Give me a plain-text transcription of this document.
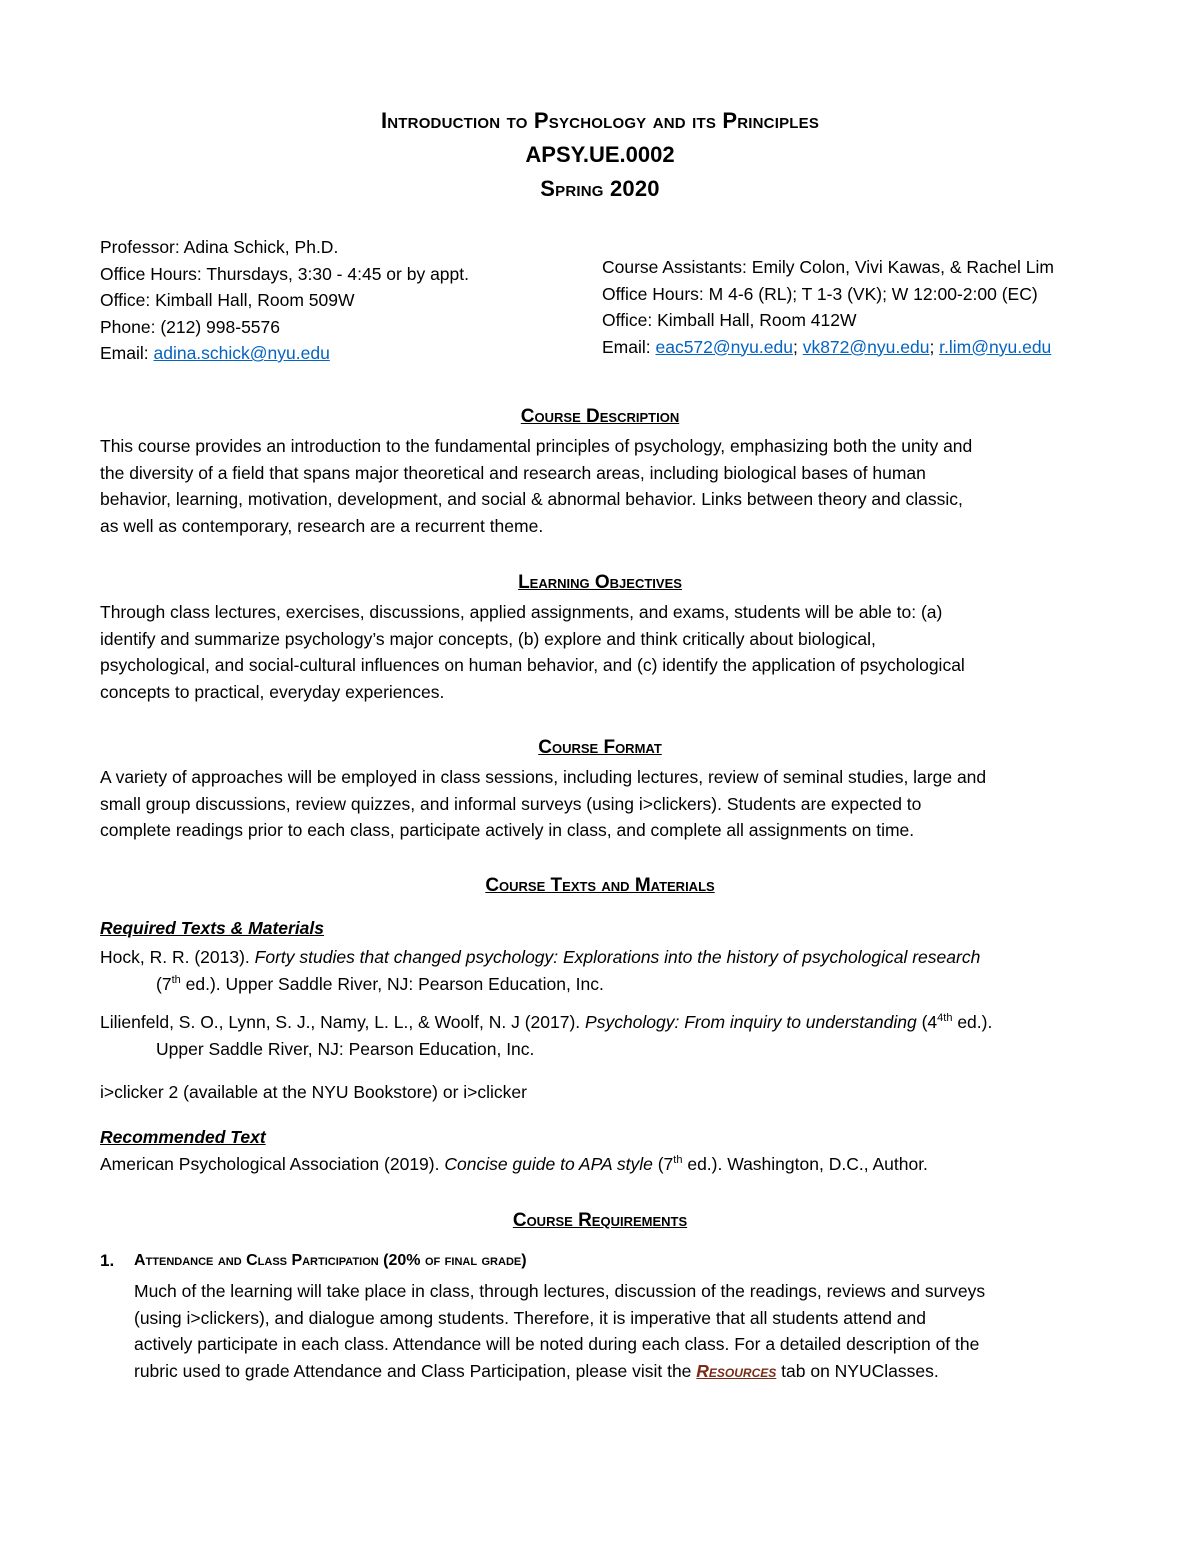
Introduction to Psychology and its Principles
APSY.UE.0002
Spring 2020
Professor: Adina Schick, Ph.D.
Office Hours: Thursdays, 3:30 - 4:45 or by appt.
Office: Kimball Hall, Room 509W
Phone: (212) 998-5576
Email: adina.schick@nyu.edu
Course Assistants: Emily Colon, Vivi Kawas, & Rachel Lim
Office Hours: M 4-6 (RL); T 1-3 (VK); W 12:00-2:00 (EC)
Office: Kimball Hall, Room 412W
Email: eac572@nyu.edu; vk872@nyu.edu; r.lim@nyu.edu
Course Description
This course provides an introduction to the fundamental principles of psychology, emphasizing both the unity and
the diversity of a field that spans major theoretical and research areas, including biological bases of human
behavior, learning, motivation, development, and social & abnormal behavior. Links between theory and classic,
as well as contemporary, research are a recurrent theme.
Learning Objectives
Through class lectures, exercises, discussions, applied assignments, and exams, students will be able to: (a)
identify and summarize psychology’s major concepts, (b) explore and think critically about biological,
psychological, and social-cultural influences on human behavior, and (c) identify the application of psychological
concepts to practical, everyday experiences.
Course Format
A variety of approaches will be employed in class sessions, including lectures, review of seminal studies, large and
small group discussions, review quizzes, and informal surveys (using i>clickers). Students are expected to
complete readings prior to each class, participate actively in class, and complete all assignments on time.
Course Texts and Materials
Required Texts & Materials
Hock, R. R. (2013). Forty studies that changed psychology: Explorations into the history of psychological research
(7th ed.). Upper Saddle River, NJ: Pearson Education, Inc.
Lilienfeld, S. O., Lynn, S. J., Namy, L. L., & Woolf, N. J (2017). Psychology: From inquiry to understanding ($4^{4th}$ ed.).
Upper Saddle River, NJ: Pearson Education, Inc.
i>clicker 2 (available at the NYU Bookstore) or i>clicker
Recommended Text
American Psychological Association (2019). Concise guide to APA style (7th ed.). Washington, D.C., Author.
Course Requirements
1. Attendance and Class Participation (20% of final grade)
Much of the learning will take place in class, through lectures, discussion of the readings, reviews and surveys
(using i>clickers), and dialogue among students. Therefore, it is imperative that all students attend and
actively participate in each class. Attendance will be noted during each class. For a detailed description of the
rubric used to grade Attendance and Class Participation, please visit the Resources tab on NYUClasses.
